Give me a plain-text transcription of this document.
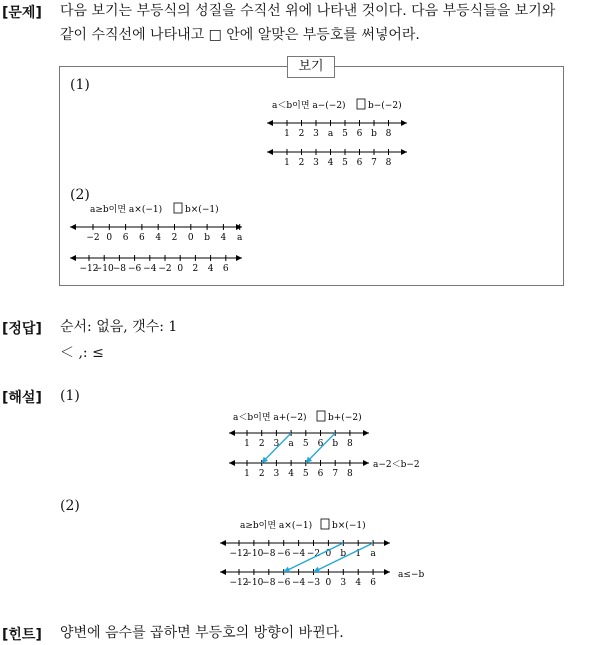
[문제] 다음 보기는 부등식의 성질을 수직선 위에 나타낸 것이다. 다음 부등식들을 보기와
같이 수직선에 나타내고 □ 안에 알맞은 부등호를 써넣어라.
보기
(1)
a＜b이면 a−(−2) b−(−2)
1 2 3 a 5 6 b 8
1 2 3 4 5 6 7 8
(2)
a≥b이면 a×(−1)	b×(−1)
−2 0 6 6 4 2 0 b 4 a
−12
−10 −8 −6 −4 −2 0 2 4 6
[정답] 순서: 없음, 갯수: 1
＜ ,: ≤
[해설] (1)
(2)
a＜b이면 a+(−2) b+(−2)
1 2 3 a 5 6 b 8
1 2 3 4 5 6 7 8
a−2＜b−2
a≥b이면 a×(−1) b×(−1)
−12
−10
−8 −6 −4 −2 0 b 1 a
−12
−10
−8 −6 −4 −3 0 3 4 6
a≤−b
[힌트] 양변에 음수를 곱하면 부등호의 방향이 바뀐다.
